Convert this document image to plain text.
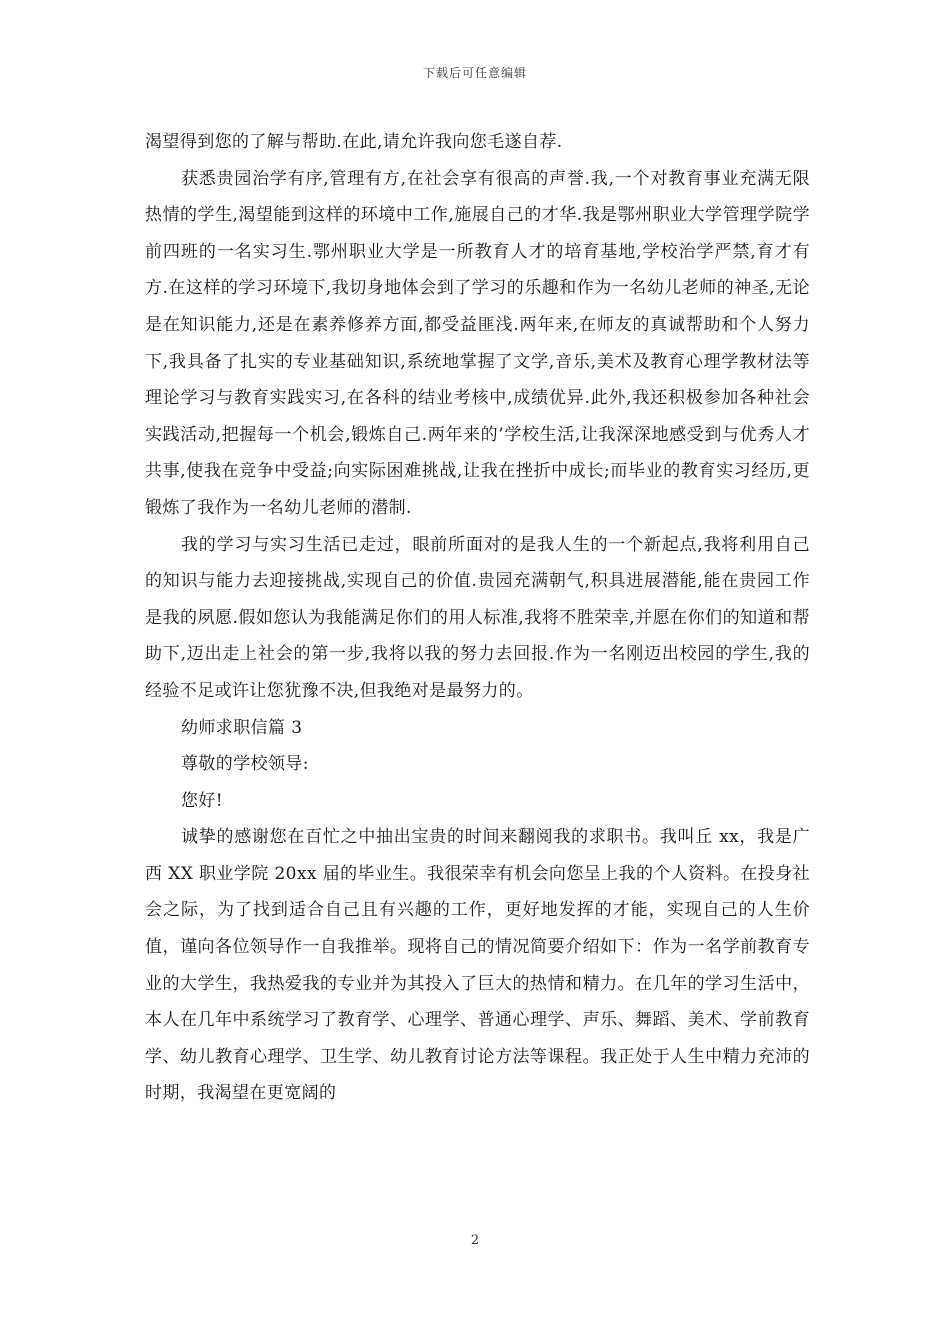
下载后可任意编辑

渴望得到您的了解与帮助.在此,请允许我向您毛遂自荐.

获悉贵园治学有序,管理有方,在社会享有很高的声誉.我,一个对教育事业充满无限热情的学生,渴望能到这样的环境中工作,施展自己的才华.我是鄂州职业大学管理学院学前四班的一名实习生.鄂州职业大学是一所教育人才的培育基地,学校治学严禁,育才有方.在这样的学习环境下,我切身地体会到了学习的乐趣和作为一名幼儿老师的神圣,无论是在知识能力,还是在素养修养方面,都受益匪浅.两年来,在师友的真诚帮助和个人努力下,我具备了扎实的专业基础知识,系统地掌握了文学,音乐,美术及教育心理学教材法等理论学习与教育实践实习,在各科的结业考核中,成绩优异.此外,我还积极参加各种社会实践活动,把握每一个机会,锻炼自己.两年来的’学校生活,让我深深地感受到与优秀人才共事,使我在竞争中受益;向实际困难挑战,让我在挫折中成长;而毕业的教育实习经历,更锻炼了我作为一名幼儿老师的潜制.

我的学习与实习生活已走过，眼前所面对的是我人生的一个新起点,我将利用自己的知识与能力去迎接挑战,实现自己的价值.贵园充满朝气,积具进展潜能,能在贵园工作是我的夙愿.假如您认为我能满足你们的用人标准,我将不胜荣幸,并愿在你们的知道和帮助下,迈出走上社会的第一步,我将以我的努力去回报.作为一名刚迈出校园的学生,我的经验不足或许让您犹豫不决,但我绝对是最努力的。

幼师求职信篇 3

尊敬的学校领导:

您好!

诚挚的感谢您在百忙之中抽出宝贵的时间来翻阅我的求职书。我叫丘 xx，我是广西 XX 职业学院 20xx 届的毕业生。我很荣幸有机会向您呈上我的个人资料。在投身社会之际，为了找到适合自己且有兴趣的工作，更好地发挥的才能，实现自己的人生价值，谨向各位领导作一自我推举。现将自己的情况简要介绍如下：作为一名学前教育专业的大学生，我热爱我的专业并为其投入了巨大的热情和精力。在几年的学习生活中，本人在几年中系统学习了教育学、心理学、普通心理学、声乐、舞蹈、美术、学前教育学、幼儿教育心理学、卫生学、幼儿教育讨论方法等课程。我正处于人生中精力充沛的时期，我渴望在更宽阔的

2
